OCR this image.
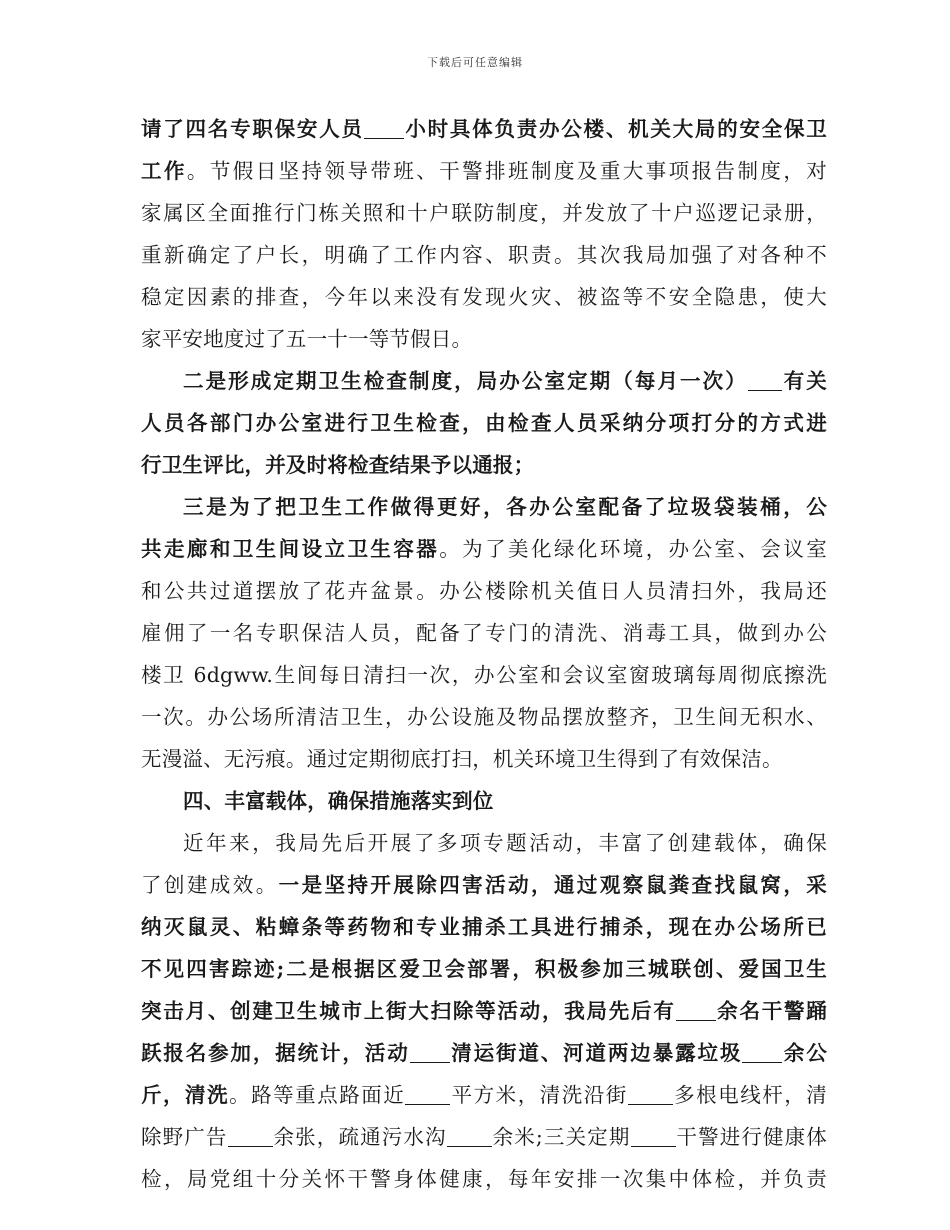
下载后可任意编辑
请了四名专职保安人员 小时具体负责办公楼、机关大局的安全保卫
工作。节假日坚持领导带班、干警排班制度及重大事项报告制度，对
家属区全面推行门栋关照和十户联防制度，并发放了十户巡逻记录册，
重新确定了户长，明确了工作内容、职责。其次我局加强了对各种不
稳定因素的排查，今年以来没有发现火灾、被盗等不安全隐患，使大
家平安地度过了五一十一等节假日。
二是形成定期卫生检查制度，局办公室定期（每月一次） 有关
人员各部门办公室进行卫生检查，由检查人员采纳分项打分的方式进
行卫生评比，并及时将检查结果予以通报；
三是为了把卫生工作做得更好，各办公室配备了垃圾袋装桶，公
共走廊和卫生间设立卫生容器。为了美化绿化环境，办公室、会议室
和公共过道摆放了花卉盆景。办公楼除机关值日人员清扫外，我局还
雇佣了一名专职保洁人员，配备了专门的清洗、消毒工具，做到办公
楼卫 6dgww.生间每日清扫一次，办公室和会议室窗玻璃每周彻底擦洗
一次。办公场所清洁卫生，办公设施及物品摆放整齐，卫生间无积水、
无漫溢、无污痕。通过定期彻底打扫，机关环境卫生得到了有效保洁。
四、丰富载体，确保措施落实到位
近年来，我局先后开展了多项专题活动，丰富了创建载体，确保
了创建成效。一是坚持开展除四害活动，通过观察鼠粪查找鼠窝，采
纳灭鼠灵、粘蟑条等药物和专业捕杀工具进行捕杀，现在办公场所已
不见四害踪迹;二是根据区爱卫会部署，积极参加三城联创、爱国卫生
突击月、创建卫生城市上街大扫除等活动，我局先后有 余名干警踊
跃报名参加，据统计，活动 清运街道、河道两边暴露垃圾 余公
斤，清洗。路等重点路面近 平方米，清洗沿街 多根电线杆，清
除野广告 余张，疏通污水沟 余米;三关定期 干警进行健康体
检，局党组十分关怀干警身体健康，每年安排一次集中体检，并负责
